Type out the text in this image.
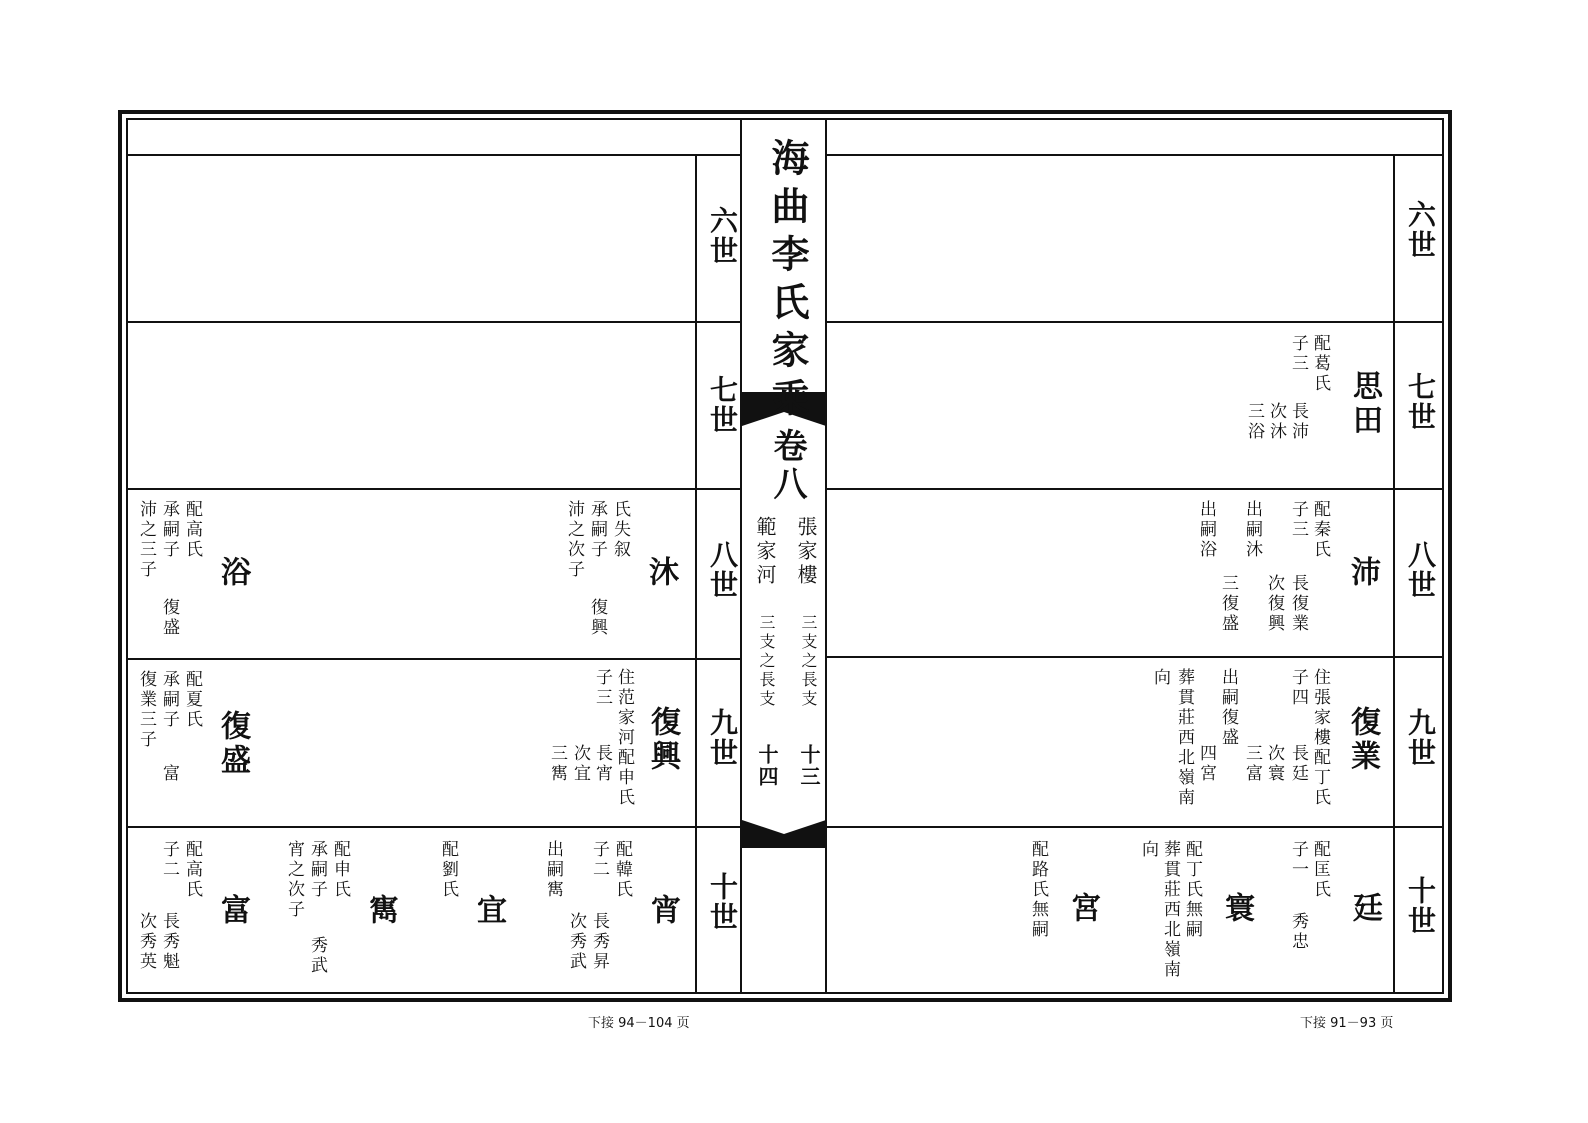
海曲李氏家乘
卷八
張家樓
範家河
三支之長支
三支之長支
十三
十四
六世
七世
八世
九世
十世
六世
七世
八世
九世
十世
思田
配葛氏
子三
長沛
次沐
三浴
沛
配秦氏
子三
出嗣沐
出嗣浴
長復業
次復興
三復盛
復業
住張家樓配丁氏
子四
出嗣復盛
葬貫莊西北嶺南
向
長廷
次寰
三富
四宮
廷
配匡氏
子一
秀忠
寰
配丁氏無嗣
葬貫莊西北嶺南
向
宮
配路氏無嗣
沐
氏失叙
承嗣子
沛之次子
復興
浴
配高氏
承嗣子
沛之三子
復盛
復興
住范家河配申氏
子三
長宵
次宜
三寯
復盛
配夏氏
承嗣子
復業三子
富
宵
配韓氏
子二
出嗣寯
長秀昇
次秀武
宜
配劉氏
寯
配申氏
承嗣子
宵之次子
秀武
富
配高氏
子二
長秀魁
次秀英
下接 94－104 页	下接 91－93 页
